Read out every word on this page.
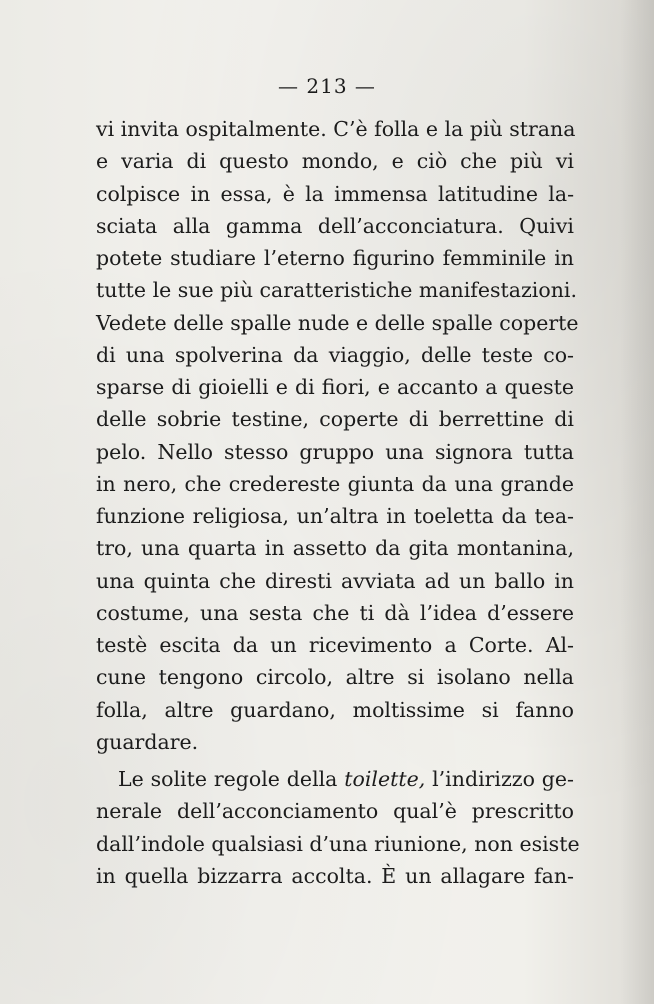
— 213 —
vi invita ospitalmente. C’è folla e la più strana
e varia di questo mondo, e ciò che più vi
colpisce in essa, è la immensa latitudine la-
sciata alla gamma dell’acconciatura. Quivi
potete studiare l’eterno figurino femminile in
tutte le sue più caratteristiche manifestazioni.
Vedete delle spalle nude e delle spalle coperte
di una spolverina da viaggio, delle teste co-
sparse di gioielli e di fiori, e accanto a queste
delle sobrie testine, coperte di berrettine di
pelo. Nello stesso gruppo una signora tutta
in nero, che credereste giunta da una grande
funzione religiosa, un’altra in toeletta da tea-
tro, una quarta in assetto da gita montanina,
una quinta che diresti avviata ad un ballo in
costume, una sesta che ti dà l’idea d’essere
testè escita da un ricevimento a Corte. Al-
cune tengono circolo, altre si isolano nella
folla, altre guardano, moltissime si fanno
guardare.
Le solite regole della toilette, l’indirizzo ge-
nerale dell’acconciamento qual’è prescritto
dall’indole qualsiasi d’una riunione, non esiste
in quella bizzarra accolta. È un allagare fan-
